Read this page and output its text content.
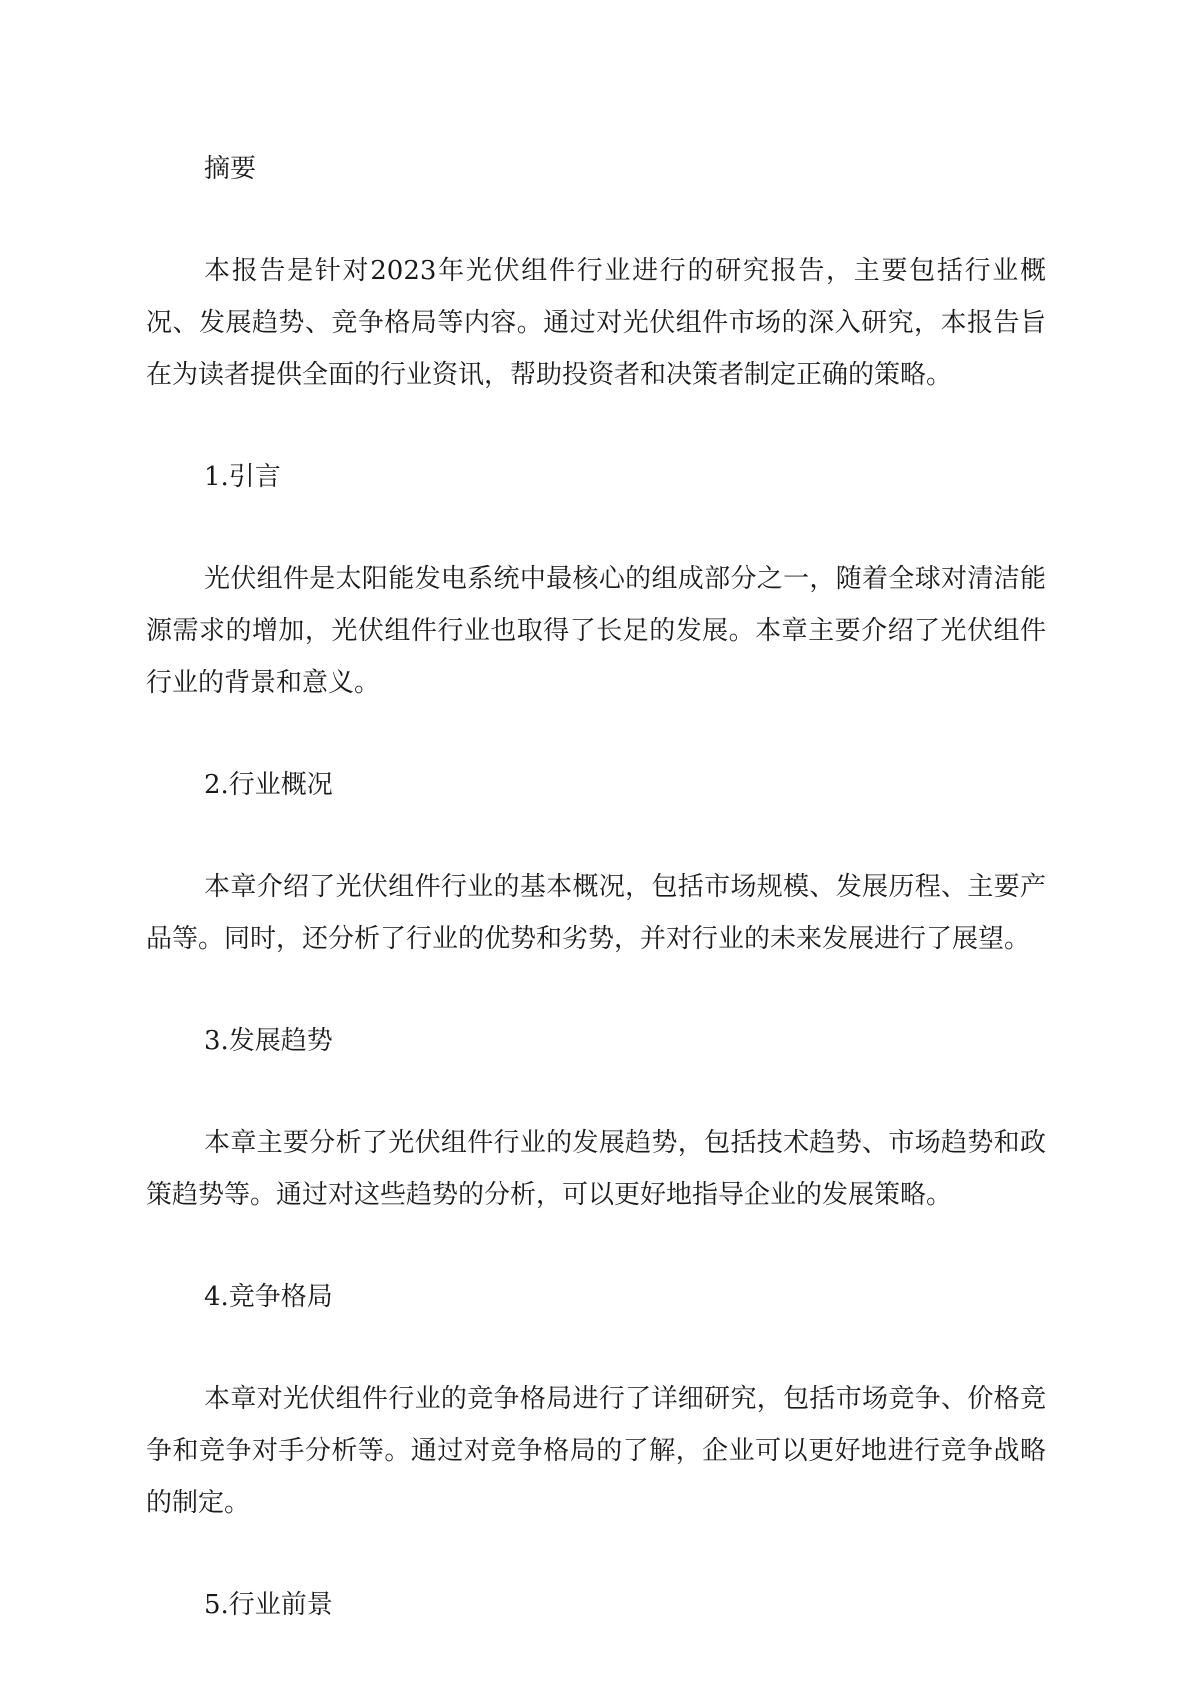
摘要

本报告是针对2023年光伏组件行业进行的研究报告，主要包括行业概况、发展趋势、竞争格局等内容。通过对光伏组件市场的深入研究，本报告旨在为读者提供全面的行业资讯，帮助投资者和决策者制定正确的策略。

1.引言

光伏组件是太阳能发电系统中最核心的组成部分之一，随着全球对清洁能源需求的增加，光伏组件行业也取得了长足的发展。本章主要介绍了光伏组件行业的背景和意义。

2.行业概况

本章介绍了光伏组件行业的基本概况，包括市场规模、发展历程、主要产品等。同时，还分析了行业的优势和劣势，并对行业的未来发展进行了展望。

3.发展趋势

本章主要分析了光伏组件行业的发展趋势，包括技术趋势、市场趋势和政策趋势等。通过对这些趋势的分析，可以更好地指导企业的发展策略。

4.竞争格局

本章对光伏组件行业的竞争格局进行了详细研究，包括市场竞争、价格竞争和竞争对手分析等。通过对竞争格局的了解，企业可以更好地进行竞争战略的制定。

5.行业前景
